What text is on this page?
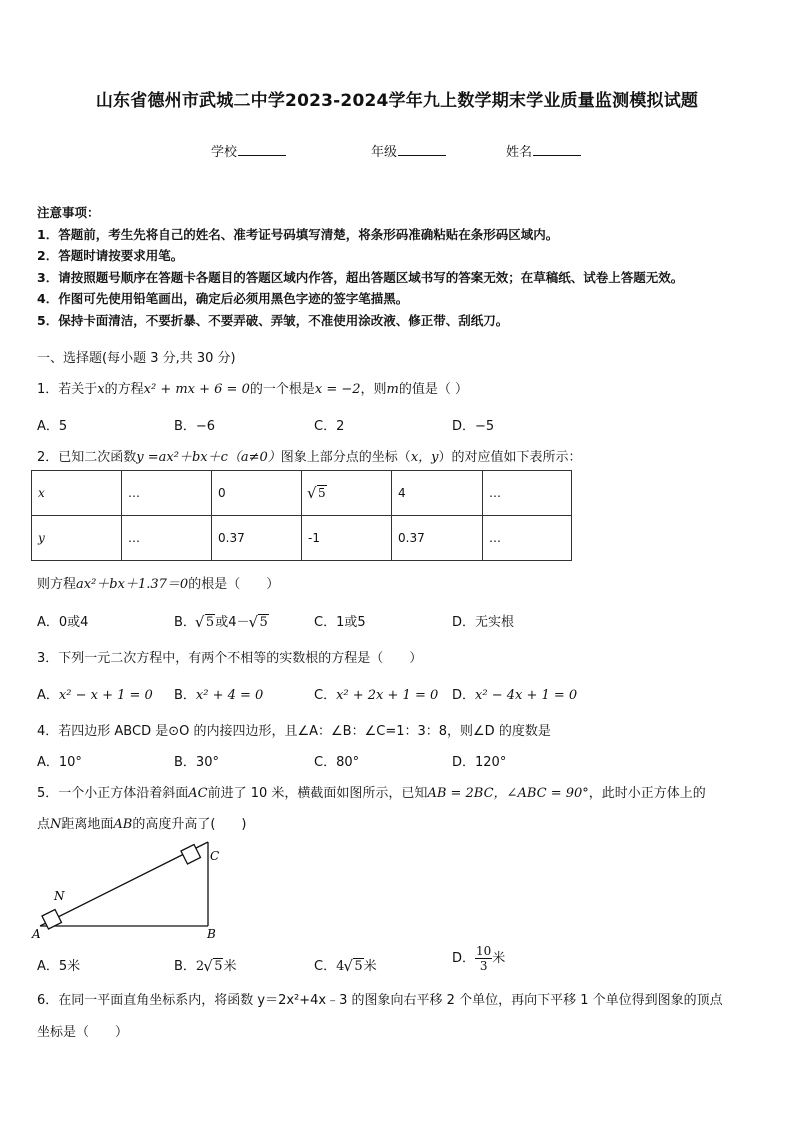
山东省德州市武城二中学2023-2024学年九上数学期末学业质量监测模拟试题
学校	年级	姓名
注意事项：
1．答题前，考生先将自己的姓名、准考证号码填写清楚，将条形码准确粘贴在条形码区域内。
2．答题时请按要求用笔。
3．请按照题号顺序在答题卡各题目的答题区域内作答，超出答题区域书写的答案无效；在草稿纸、试卷上答题无效。
4．作图可先使用铅笔画出，确定后必须用黑色字迹的签字笔描黑。
5．保持卡面清洁，不要折暴、不要弄破、弄皱，不准使用涂改液、修正带、刮纸刀。
一、选择题(每小题 3 分,共 30 分)
1．若关于x的方程x² + mx + 6 = 0的一个根是x = −2，则m的值是（ ）
A．5	B．−6	C．2	D．−5
2．已知二次函数y =ax²＋bx＋c（a≠0）图象上部分点的坐标（x，y）的对应值如下表所示：
x	…	0	√ 5	4	…
y	…	0.37	-1	0.37	…
则方程ax²＋bx＋1.37＝0的根是（　　）
A．0或4	B． √ 5或4－ √ 5	C．1或5	D．无实根
3．下列一元二次方程中，有两个不相等的实数根的方程是（　　）
A．x² − x + 1 = 0 B．x² + 4 = 0	C．x² + 2x + 1 = 0 D．x² − 4x + 1 = 0
4．若四边形 ABCD 是⊙O 的内接四边形，且∠A：∠B：∠C=1：3：8，则∠D 的度数是
A．10°	B．30°	C．80°	D．120°
5．一个小正方体沿着斜面AC前进了 10 米，横截面如图所示，已知AB = 2BC，∠ABC = 90°，此时小正方体上的
点N距离地面AB的高度升高了(　　)
N
A	B
C
A．5米	B．2 √ 5米	C．4 √ 5米
D． $\frac{10}{3}$ 米
6．在同一平面直角坐标系内，将函数 y＝2x²+4x﹣3 的图象向右平移 2 个单位，再向下平移 1 个单位得到图象的顶点
坐标是（　　）
